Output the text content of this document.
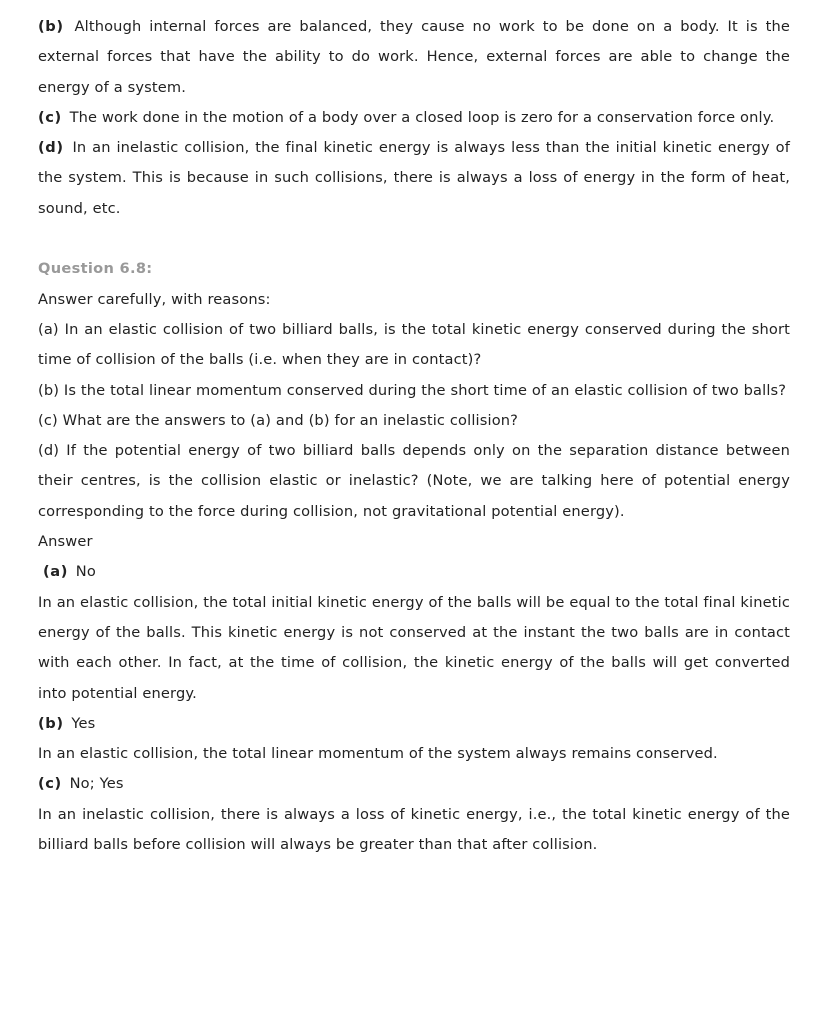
(b) Although internal forces are balanced, they cause no work to be done on a body. It is the external forces that have the ability to do work. Hence, external forces are able to change the energy of a system.

(c) The work done in the motion of a body over a closed loop is zero for a conservation force only.

(d) In an inelastic collision, the final kinetic energy is always less than the initial kinetic energy of the system. This is because in such collisions, there is always a loss of energy in the form of heat, sound, etc.

Question 6.8:

Answer carefully, with reasons:

(a) In an elastic collision of two billiard balls, is the total kinetic energy conserved during the short time of collision of the balls (i.e. when they are in contact)?

(b) Is the total linear momentum conserved during the short time of an elastic collision of two balls?

(c) What are the answers to (a) and (b) for an inelastic collision?

(d) If the potential energy of two billiard balls depends only on the separation distance between their centres, is the collision elastic or inelastic? (Note, we are talking here of potential energy corresponding to the force during collision, not gravitational potential energy).

Answer

(a) No

In an elastic collision, the total initial kinetic energy of the balls will be equal to the total final kinetic energy of the balls. This kinetic energy is not conserved at the instant the two balls are in contact with each other. In fact, at the time of collision, the kinetic energy of the balls will get converted into potential energy.

(b) Yes

In an elastic collision, the total linear momentum of the system always remains conserved.

(c) No; Yes

In an inelastic collision, there is always a loss of kinetic energy, i.e., the total kinetic energy of the billiard balls before collision will always be greater than that after collision.
